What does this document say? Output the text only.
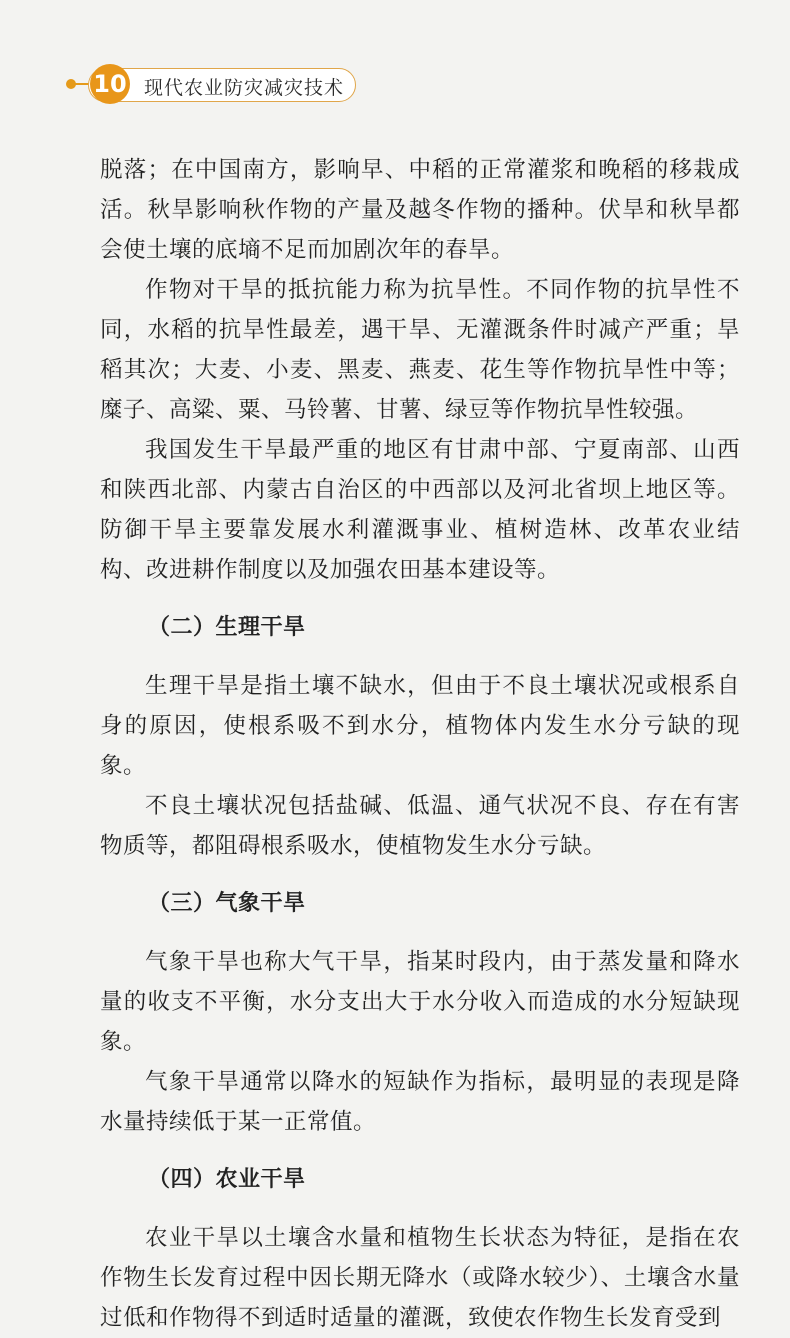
10 现代农业防灾减灾技术

脱落；在中国南方，影响早、中稻的正常灌浆和晚稻的移栽成活。秋旱影响秋作物的产量及越冬作物的播种。伏旱和秋旱都会使土壤的底墒不足而加剧次年的春旱。

作物对干旱的抵抗能力称为抗旱性。不同作物的抗旱性不同，水稻的抗旱性最差，遇干旱、无灌溉条件时减产严重；旱稻其次；大麦、小麦、黑麦、燕麦、花生等作物抗旱性中等；糜子、高粱、粟、马铃薯、甘薯、绿豆等作物抗旱性较强。

我国发生干旱最严重的地区有甘肃中部、宁夏南部、山西和陕西北部、内蒙古自治区的中西部以及河北省坝上地区等。防御干旱主要靠发展水利灌溉事业、植树造林、改革农业结构、改进耕作制度以及加强农田基本建设等。

（二）生理干旱

生理干旱是指土壤不缺水，但由于不良土壤状况或根系自身的原因，使根系吸不到水分，植物体内发生水分亏缺的现象。

不良土壤状况包括盐碱、低温、通气状况不良、存在有害物质等，都阻碍根系吸水，使植物发生水分亏缺。

（三）气象干旱

气象干旱也称大气干旱，指某时段内，由于蒸发量和降水量的收支不平衡，水分支出大于水分收入而造成的水分短缺现象。

气象干旱通常以降水的短缺作为指标，最明显的表现是降水量持续低于某一正常值。

（四）农业干旱

农业干旱以土壤含水量和植物生长状态为特征，是指在农作物生长发育过程中因长期无降水（或降水较少）、土壤含水量过低和作物得不到适时适量的灌溉，致使农作物生长发育受到
